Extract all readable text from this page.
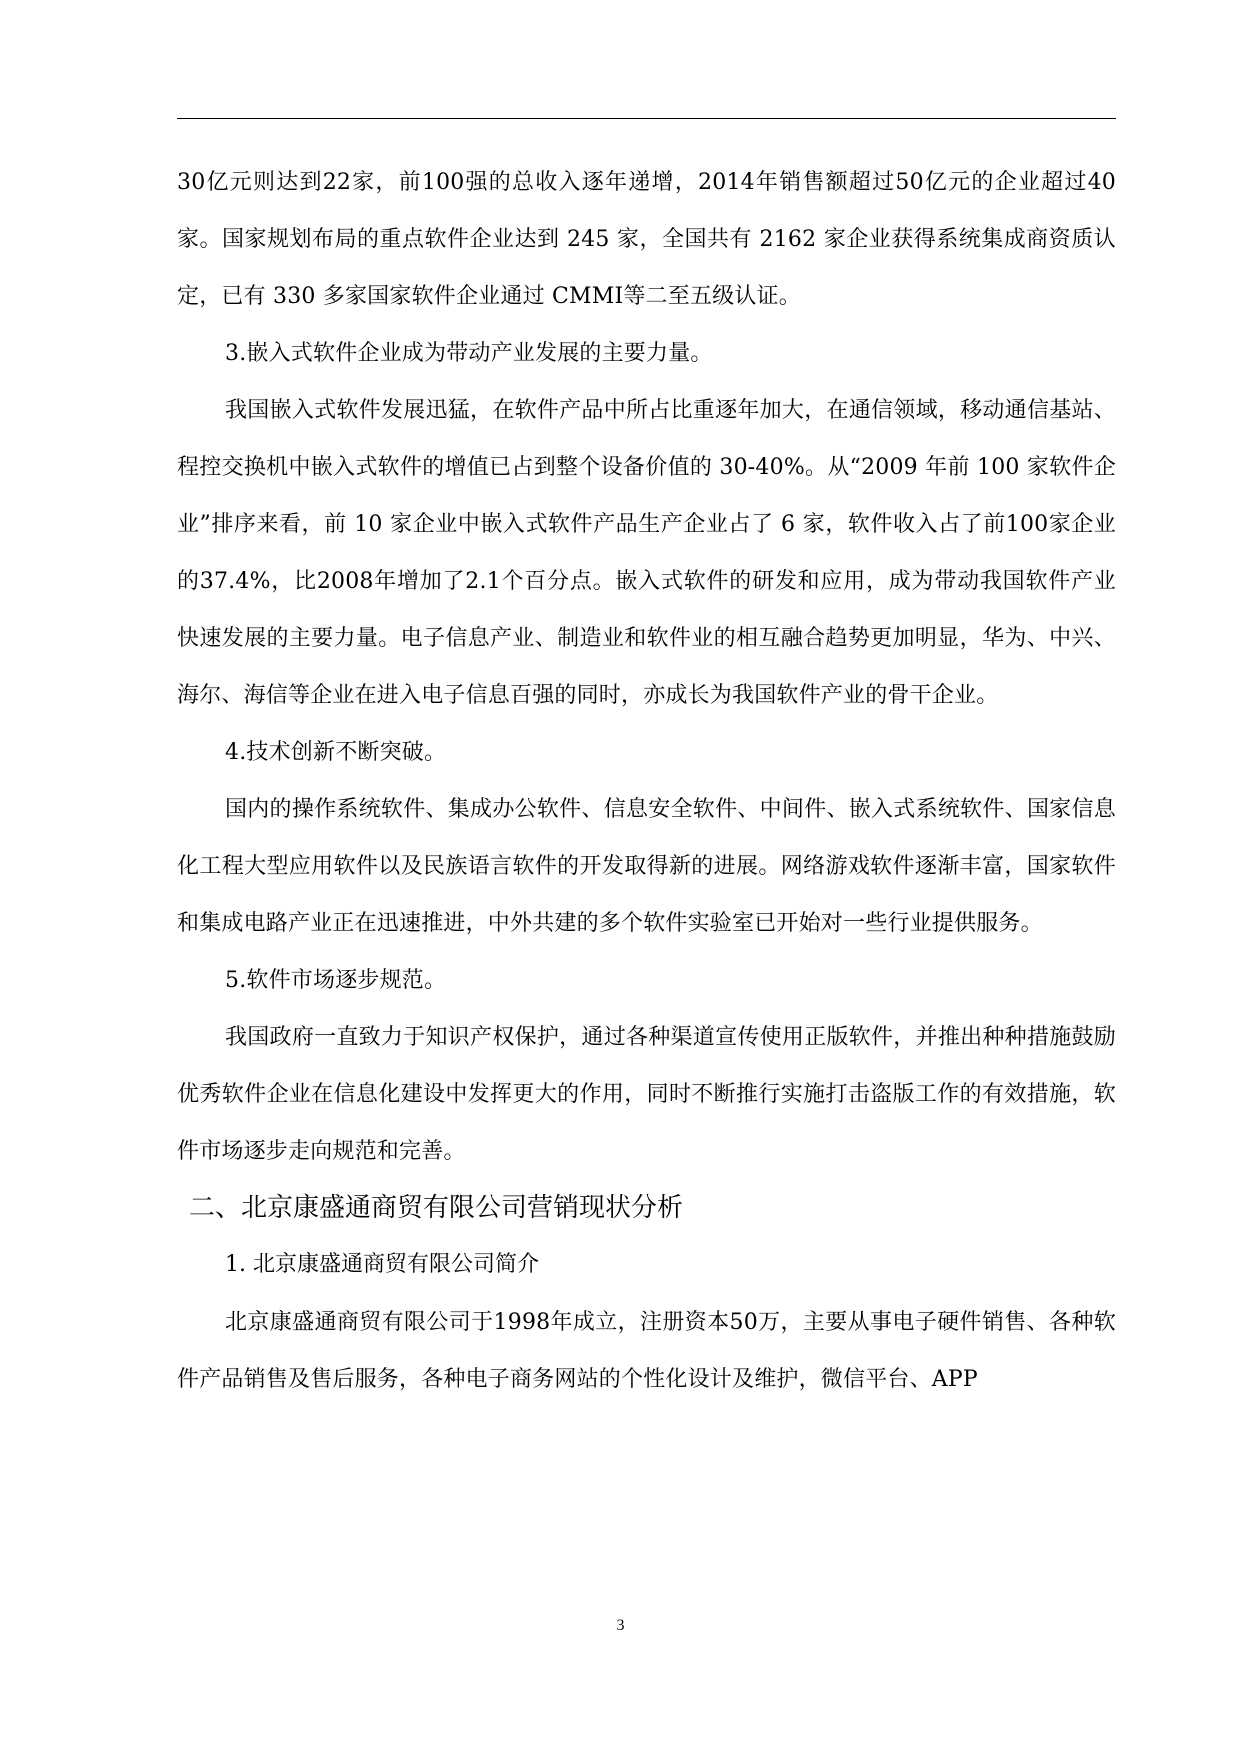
30亿元则达到22家，前100强的总收入逐年递增，2014年销售额超过50亿元的企业超过40家。国家规划布局的重点软件企业达到 245 家，全国共有 2162 家企业获得系统集成商资质认定，已有 330 多家国家软件企业通过 CMMI等二至五级认证。

3.嵌入式软件企业成为带动产业发展的主要力量。

我国嵌入式软件发展迅猛，在软件产品中所占比重逐年加大，在通信领域，移动通信基站、程控交换机中嵌入式软件的增值已占到整个设备价值的 30-40%。从“2009 年前 100 家软件企业”排序来看，前 10 家企业中嵌入式软件产品生产企业占了 6 家，软件收入占了前100家企业的37.4%，比2008年增加了2.1个百分点。嵌入式软件的研发和应用，成为带动我国软件产业快速发展的主要力量。电子信息产业、制造业和软件业的相互融合趋势更加明显，华为、中兴、海尔、海信等企业在进入电子信息百强的同时，亦成长为我国软件产业的骨干企业。

4.技术创新不断突破。

国内的操作系统软件、集成办公软件、信息安全软件、中间件、嵌入式系统软件、国家信息化工程大型应用软件以及民族语言软件的开发取得新的进展。网络游戏软件逐渐丰富，国家软件和集成电路产业正在迅速推进，中外共建的多个软件实验室已开始对一些行业提供服务。

5.软件市场逐步规范。

我国政府一直致力于知识产权保护，通过各种渠道宣传使用正版软件，并推出种种措施鼓励优秀软件企业在信息化建设中发挥更大的作用，同时不断推行实施打击盗版工作的有效措施，软件市场逐步走向规范和完善。

二、北京康盛通商贸有限公司营销现状分析

1. 北京康盛通商贸有限公司简介

北京康盛通商贸有限公司于1998年成立，注册资本50万，主要从事电子硬件销售、各种软件产品销售及售后服务，各种电子商务网站的个性化设计及维护，微信平台、APP

3
